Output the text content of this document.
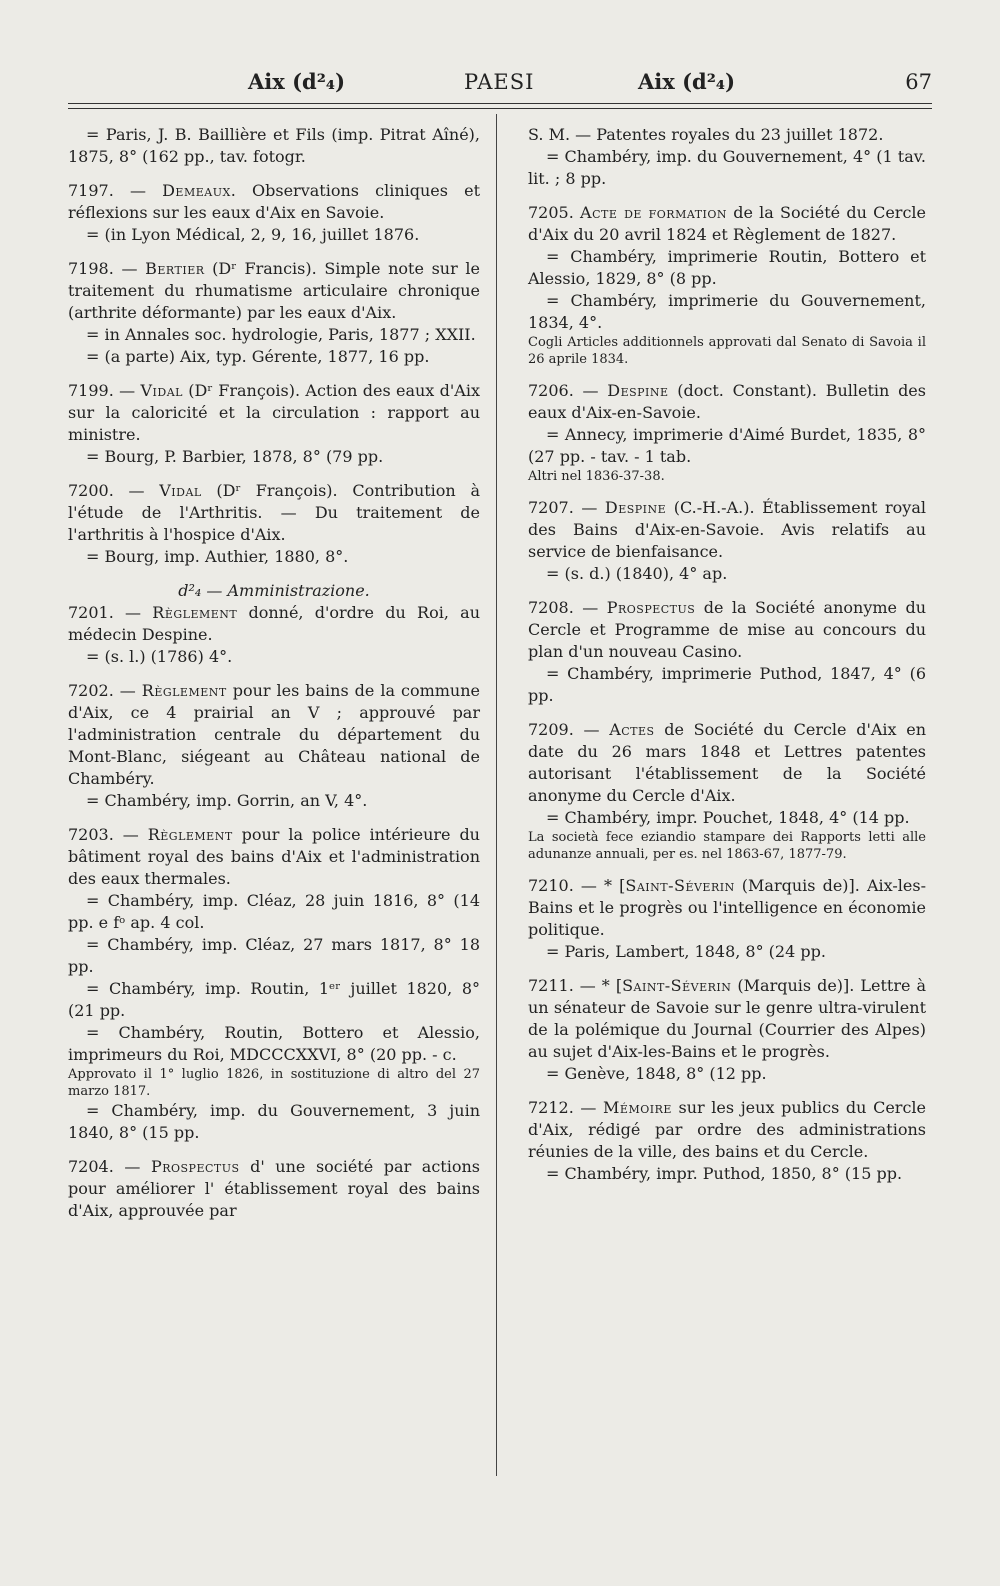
Aix (d²₄)	PAESI	Aix (d²₄)	67

= Paris, J. B. Baillière et Fils (imp. Pitrat Aîné), 1875, 8° (162 pp., tav. fotogr.

7197. — Demeaux. Observations cliniques et réflexions sur les eaux d'Aix en Savoie.

= (in Lyon Médical, 2, 9, 16, juillet 1876.

7198. — Bertier (Dʳ Francis). Simple note sur le traitement du rhumatisme articulaire chronique (arthrite déformante) par les eaux d'Aix.

= in Annales soc. hydrologie, Paris, 1877 ; XXII.

= (a parte) Aix, typ. Gérente, 1877, 16 pp.

7199. — Vidal (Dʳ François). Action des eaux d'Aix sur la caloricité et la circulation : rapport au ministre.

= Bourg, P. Barbier, 1878, 8° (79 pp.

7200. — Vidal (Dʳ François). Contribution à l'étude de l'Arthritis. — Du traitement de l'arthritis à l'hospice d'Aix.

= Bourg, imp. Authier, 1880, 8°.

d²₄ — Amministrazione.

7201. — Règlement donné, d'ordre du Roi, au médecin Despine.

= (s. l.) (1786) 4°.

7202. — Règlement pour les bains de la commune d'Aix, ce 4 prairial an V ; approuvé par l'administration centrale du département du Mont-Blanc, siégeant au Château national de Chambéry.

= Chambéry, imp. Gorrin, an V, 4°.

7203. — Règlement pour la police intérieure du bâtiment royal des bains d'Aix et l'administration des eaux thermales.

= Chambéry, imp. Cléaz, 28 juin 1816, 8° (14 pp. e fᵒ ap. 4 col.

= Chambéry, imp. Cléaz, 27 mars 1817, 8° 18 pp.

= Chambéry, imp. Routin, 1ᵉʳ juillet 1820, 8° (21 pp.

= Chambéry, Routin, Bottero et Alessio, imprimeurs du Roi, MDCCCXXVI, 8° (20 pp. - c.

Approvato il 1° luglio 1826, in sostituzione di altro del 27 marzo 1817.

= Chambéry, imp. du Gouvernement, 3 juin 1840, 8° (15 pp.

7204. — Prospectus d' une société par actions pour améliorer l' établissement royal des bains d'Aix, approuvée par

S. M. — Patentes royales du 23 juillet 1872.

= Chambéry, imp. du Gouvernement, 4° (1 tav. lit. ; 8 pp.

7205. Acte de formation de la Société du Cercle d'Aix du 20 avril 1824 et Règlement de 1827.

= Chambéry, imprimerie Routin, Bottero et Alessio, 1829, 8° (8 pp.

= Chambéry, imprimerie du Gouvernement, 1834, 4°.

Cogli Articles additionnels approvati dal Senato di Savoia il 26 aprile 1834.

7206. — Despine (doct. Constant). Bulletin des eaux d'Aix-en-Savoie.

= Annecy, imprimerie d'Aimé Burdet, 1835, 8° (27 pp. - tav. - 1 tab.

Altri nel 1836-37-38.

7207. — Despine (C.-H.-A.). Établissement royal des Bains d'Aix-en-Savoie. Avis relatifs au service de bienfaisance.

= (s. d.) (1840), 4° ap.

7208. — Prospectus de la Société anonyme du Cercle et Programme de mise au concours du plan d'un nouveau Casino.

= Chambéry, imprimerie Puthod, 1847, 4° (6 pp.

7209. — Actes de Société du Cercle d'Aix en date du 26 mars 1848 et Lettres patentes autorisant l'établissement de la Société anonyme du Cercle d'Aix.

= Chambéry, impr. Pouchet, 1848, 4° (14 pp.

La società fece eziandio stampare dei Rapports letti alle adunanze annuali, per es. nel 1863-67, 1877-79.

7210. — * [Saint-Séverin (Marquis de)]. Aix-les-Bains et le progrès ou l'intelligence en économie politique.

= Paris, Lambert, 1848, 8° (24 pp.

7211. — * [Saint-Séverin (Marquis de)]. Lettre à un sénateur de Savoie sur le genre ultra-virulent de la polémique du Journal (Courrier des Alpes) au sujet d'Aix-les-Bains et le progrès.

= Genève, 1848, 8° (12 pp.

7212. — Mémoire sur les jeux publics du Cercle d'Aix, rédigé par ordre des administrations réunies de la ville, des bains et du Cercle.

= Chambéry, impr. Puthod, 1850, 8° (15 pp.
